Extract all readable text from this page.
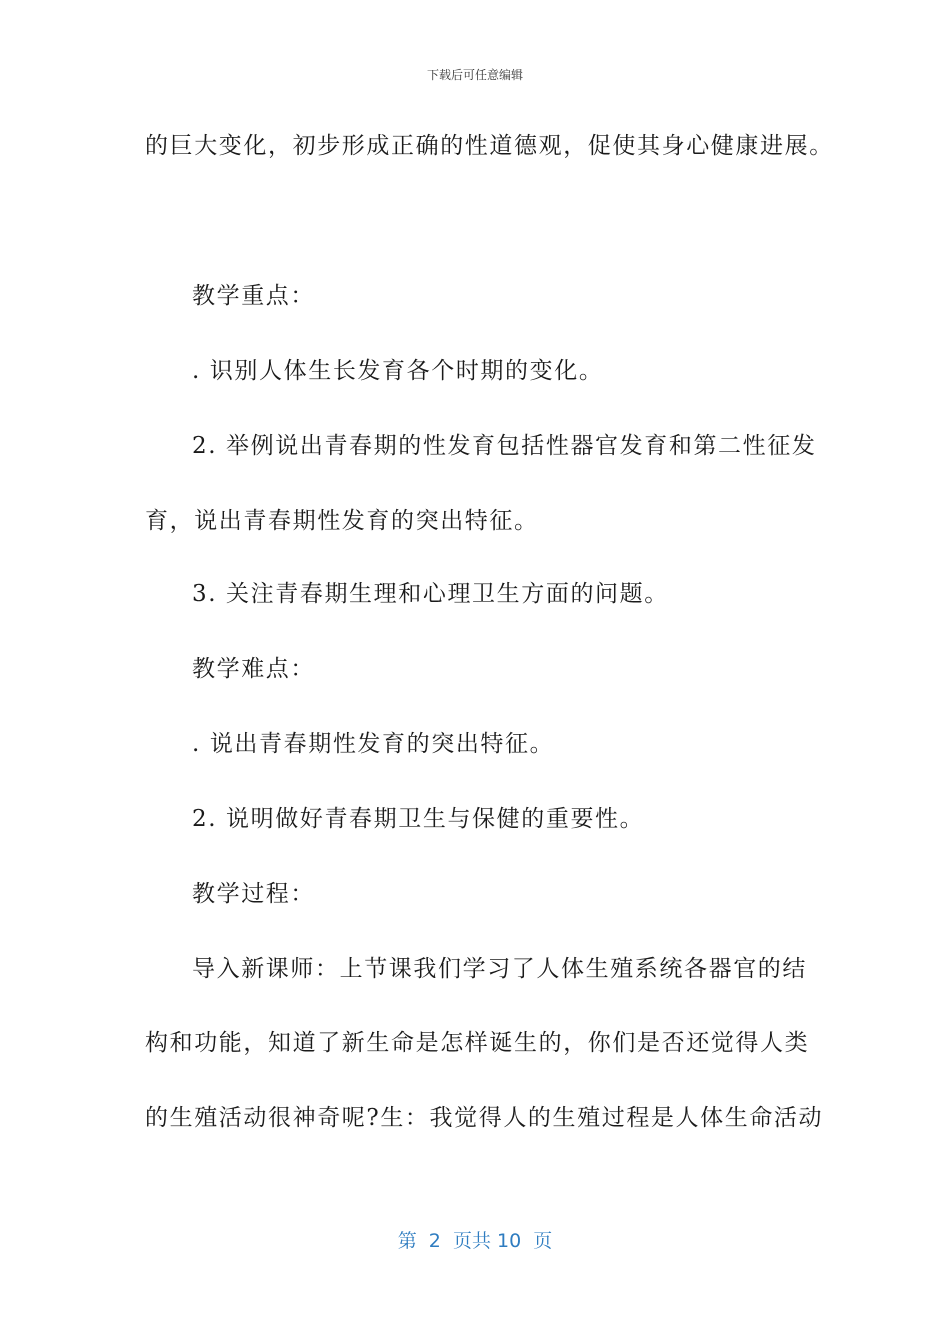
下载后可任意编辑
的巨大变化，初步形成正确的性道德观，促使其身心健康进展。
教学重点：
. 识别人体生长发育各个时期的变化。
2. 举例说出青春期的性发育包括性器官发育和第二性征发
育，说出青春期性发育的突出特征。
3. 关注青春期生理和心理卫生方面的问题。
教学难点：
. 说出青春期性发育的突出特征。
2. 说明做好青春期卫生与保健的重要性。
教学过程：
导入新课师：上节课我们学习了人体生殖系统各器官的结
构和功能，知道了新生命是怎样诞生的，你们是否还觉得人类
的生殖活动很神奇呢?生：我觉得人的生殖过程是人体生命活动
第  2  页共 10  页
